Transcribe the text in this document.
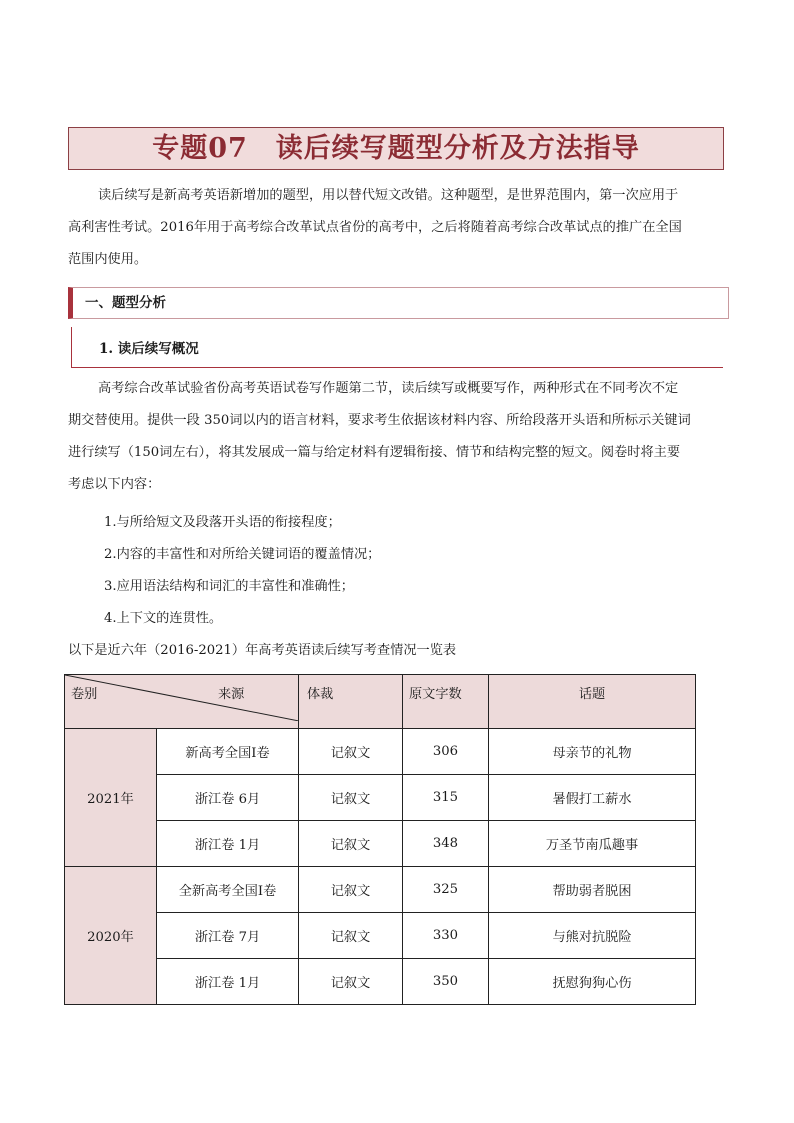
专题07　读后续写题型分析及方法指导
读后续写是新高考英语新增加的题型，用以替代短文改错。这种题型，是世界范围内，第一次应用于
高利害性考试。2016年用于高考综合改革试点省份的高考中，之后将随着高考综合改革试点的推广在全国
范围内使用。
一、题型分析
1. 读后续写概况
高考综合改革试验省份高考英语试卷写作题第二节，读后续写或概要写作，两种形式在不同考次不定
期交替使用。提供一段 350词以内的语言材料，要求考生依据该材料内容、所给段落开头语和所标示关键词
进行续写（150词左右），将其发展成一篇与给定材料有逻辑衔接、情节和结构完整的短文。阅卷时将主要
考虑以下内容：
1.与所给短文及段落开头语的衔接程度；
2.内容的丰富性和对所给关键词语的覆盖情况；
3.应用语法结构和词汇的丰富性和准确性；
4.上下文的连贯性。
以下是近六年（2016-2021）年高考英语读后续写考查情况一览表
卷别 来源		体裁	原文字数	话题
2021年	新高考全国Ⅰ卷	记叙文	306	母亲节的礼物
	浙江卷 6月	记叙文	315	暑假打工薪水
	浙江卷 1月	记叙文	348	万圣节南瓜趣事
2020年	全新高考全国Ⅰ卷	记叙文	325	帮助弱者脱困
	浙江卷 7月	记叙文	330	与熊对抗脱险
	浙江卷 1月	记叙文	350	抚慰狗狗心伤
